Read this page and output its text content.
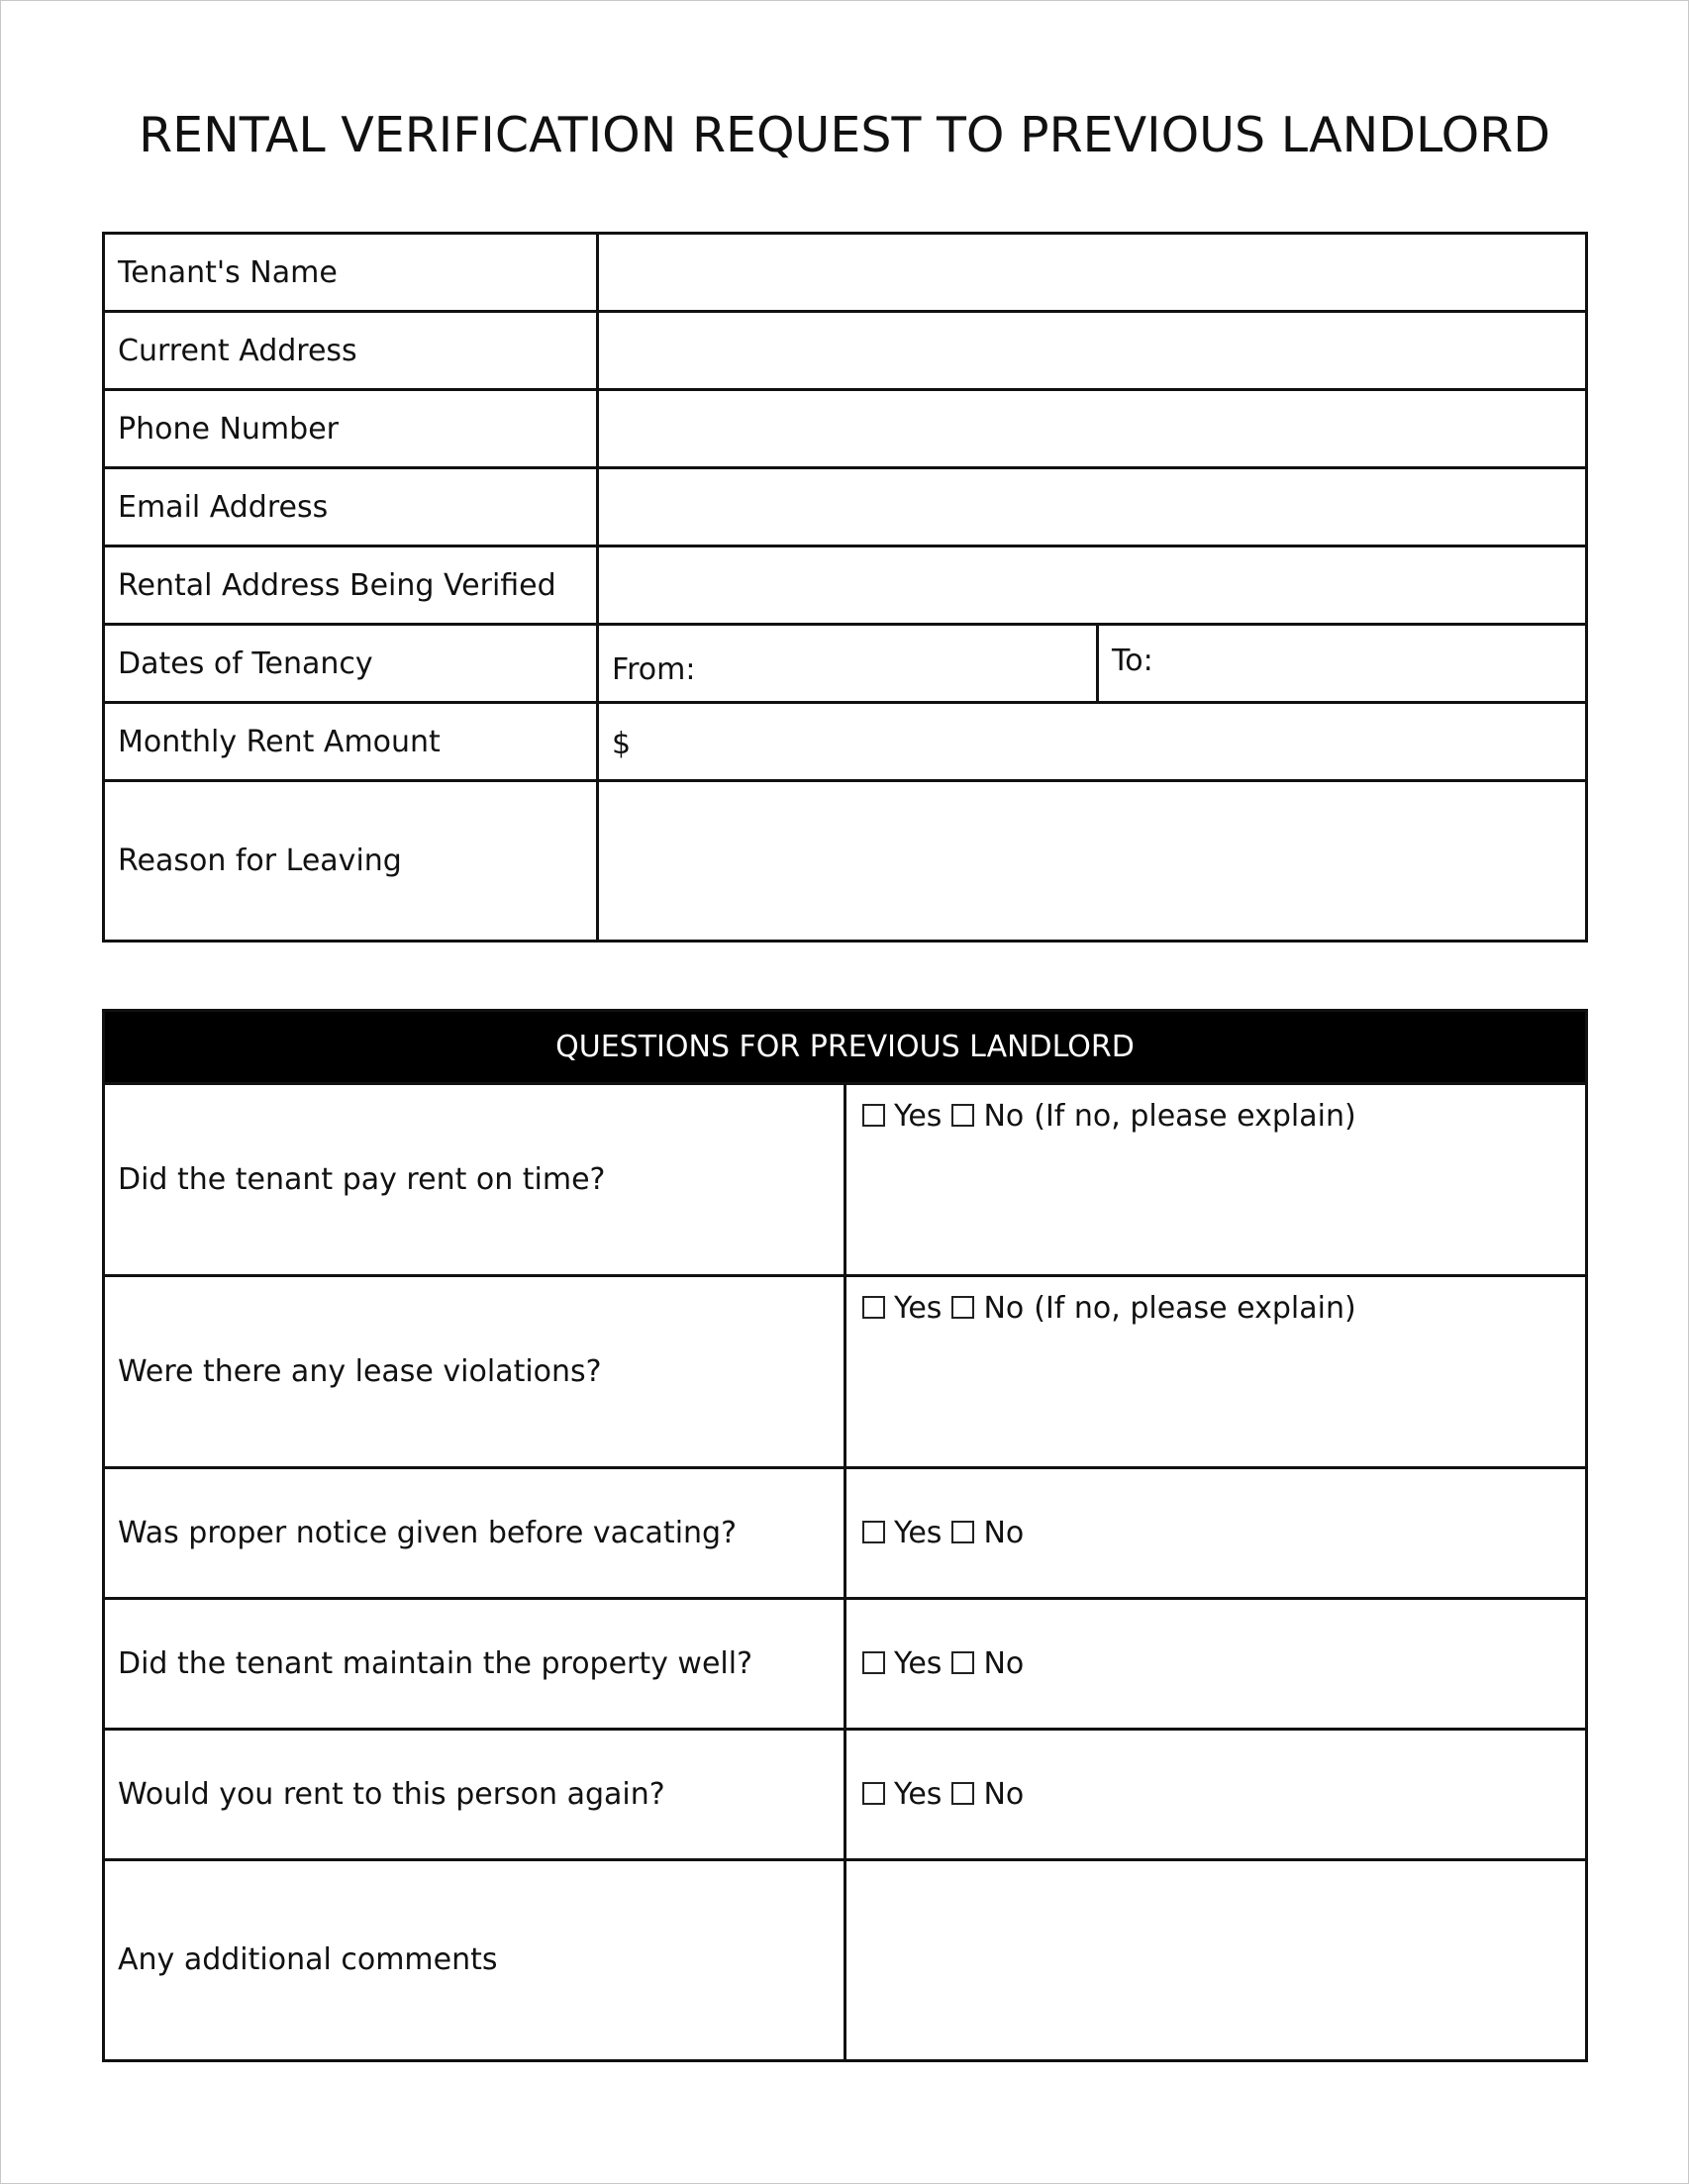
RENTAL VERIFICATION REQUEST TO PREVIOUS LANDLORD
Tenant's Name	
Current Address	
Phone Number	
Email Address	
Rental Address Being Verified	
Dates of Tenancy	From: To:

Monthly Rent Amount	$
Reason for Leaving	
QUESTIONS FOR PREVIOUS LANDLORD	
Did the tenant pay rent on time?	Yes No (If no, please explain)
Were there any lease violations?	Yes No (If no, please explain)
Was proper notice given before vacating?	Yes No
Did the tenant maintain the property well?	Yes No
Would you rent to this person again?	Yes No
Any additional comments	
